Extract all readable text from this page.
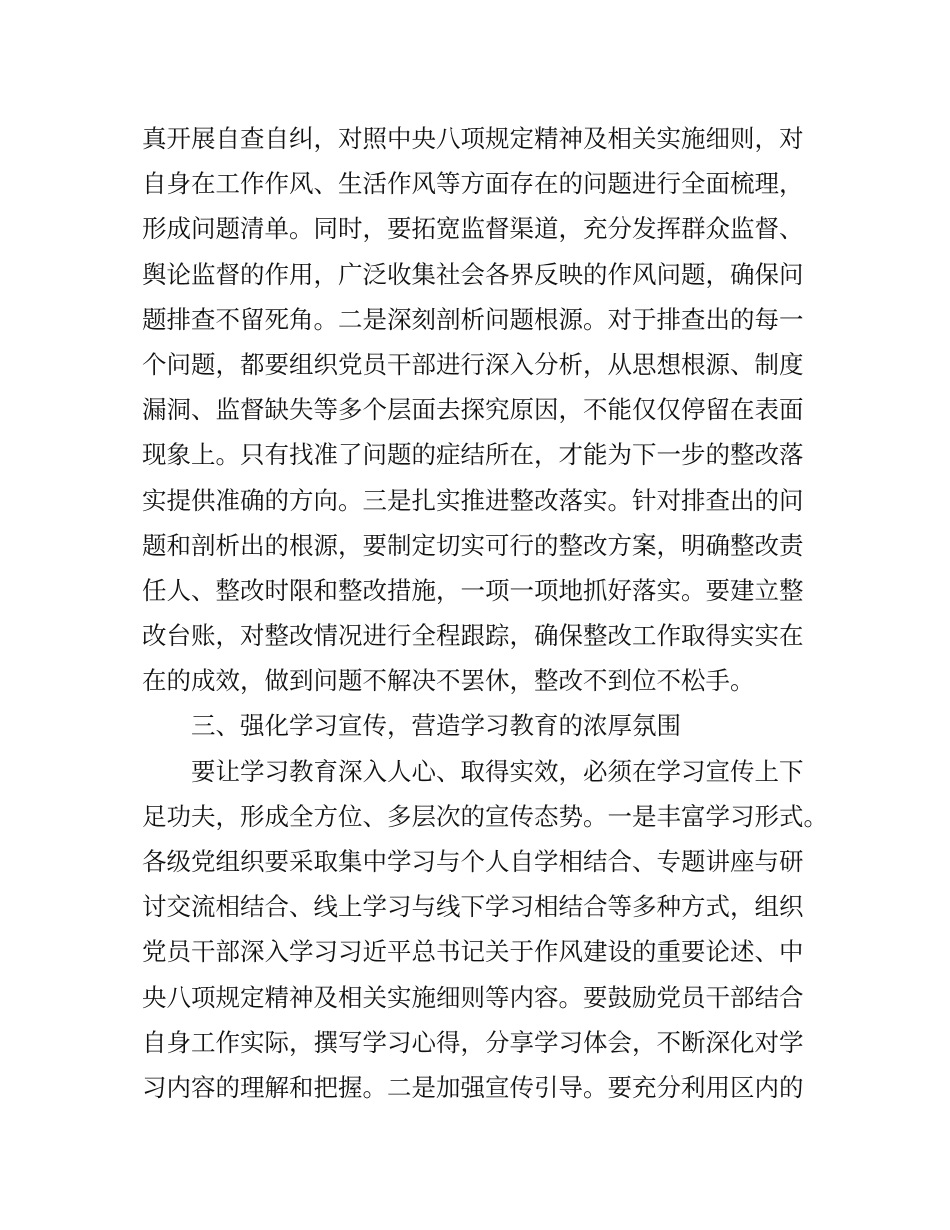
真开展自查自纠，对照中央八项规定精神及相关实施细则，对
自身在工作作风、生活作风等方面存在的问题进行全面梳理，
形成问题清单。同时，要拓宽监督渠道，充分发挥群众监督、
舆论监督的作用，广泛收集社会各界反映的作风问题，确保问
题排查不留死角。二是深刻剖析问题根源。对于排查出的每一
个问题，都要组织党员干部进行深入分析，从思想根源、制度
漏洞、监督缺失等多个层面去探究原因，不能仅仅停留在表面
现象上。只有找准了问题的症结所在，才能为下一步的整改落
实提供准确的方向。三是扎实推进整改落实。针对排查出的问
题和剖析出的根源，要制定切实可行的整改方案，明确整改责
任人、整改时限和整改措施，一项一项地抓好落实。要建立整
改台账，对整改情况进行全程跟踪，确保整改工作取得实实在
在的成效，做到问题不解决不罢休，整改不到位不松手。
三、强化学习宣传，营造学习教育的浓厚氛围
要让学习教育深入人心、取得实效，必须在学习宣传上下
足功夫，形成全方位、多层次的宣传态势。一是丰富学习形式。
各级党组织要采取集中学习与个人自学相结合、专题讲座与研
讨交流相结合、线上学习与线下学习相结合等多种方式，组织
党员干部深入学习习近平总书记关于作风建设的重要论述、中
央八项规定精神及相关实施细则等内容。要鼓励党员干部结合
自身工作实际，撰写学习心得，分享学习体会，不断深化对学
习内容的理解和把握。二是加强宣传引导。要充分利用区内的
